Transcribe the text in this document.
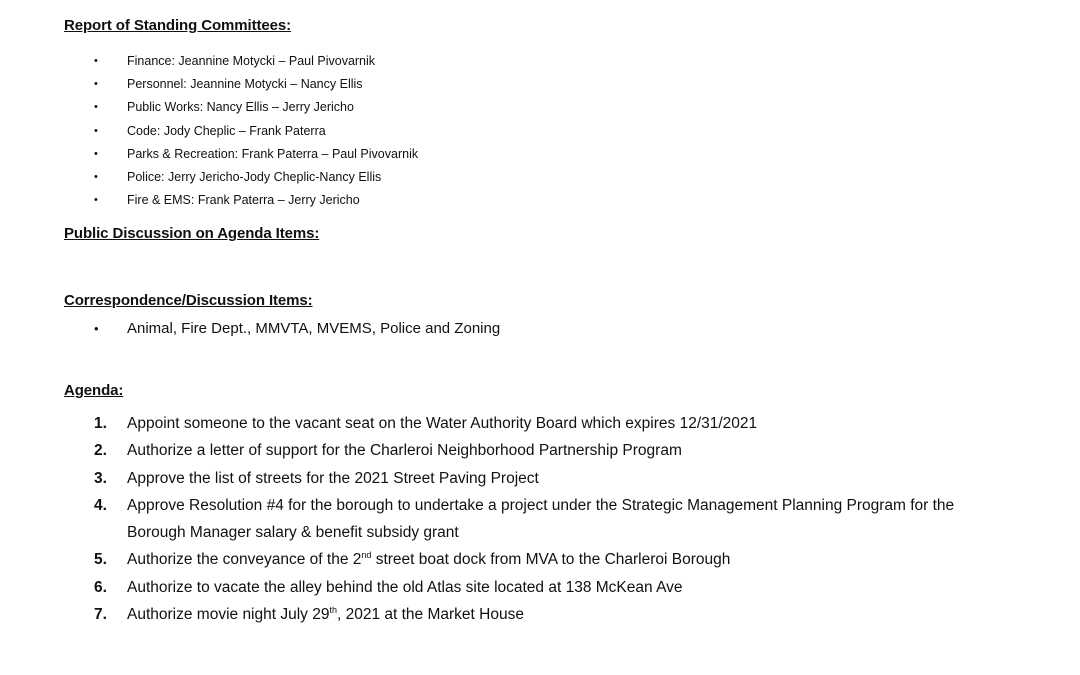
Report of Standing Committees:
• Finance: Jeannine Motycki – Paul Pivovarnik
• Personnel: Jeannine Motycki – Nancy Ellis
• Public Works: Nancy Ellis – Jerry Jericho
• Code: Jody Cheplic – Frank Paterra
• Parks & Recreation: Frank Paterra – Paul Pivovarnik
• Police: Jerry Jericho-Jody Cheplic-Nancy Ellis
• Fire & EMS: Frank Paterra – Jerry Jericho
Public Discussion on Agenda Items:
Correspondence/Discussion Items:
• Animal, Fire Dept., MMVTA, MVEMS, Police and Zoning
Agenda:
1. Appoint someone to the vacant seat on the Water Authority Board which expires 12/31/2021
2. Authorize a letter of support for the Charleroi Neighborhood Partnership Program
3. Approve the list of streets for the 2021 Street Paving Project
4. Approve Resolution #4 for the borough to undertake a project under the Strategic Management Planning Program for the Borough Manager salary & benefit subsidy grant
5. Authorize the conveyance of the 2nd street boat dock from MVA to the Charleroi Borough
6. Authorize to vacate the alley behind the old Atlas site located at 138 McKean Ave
7. Authorize movie night July 29th, 2021 at the Market House
